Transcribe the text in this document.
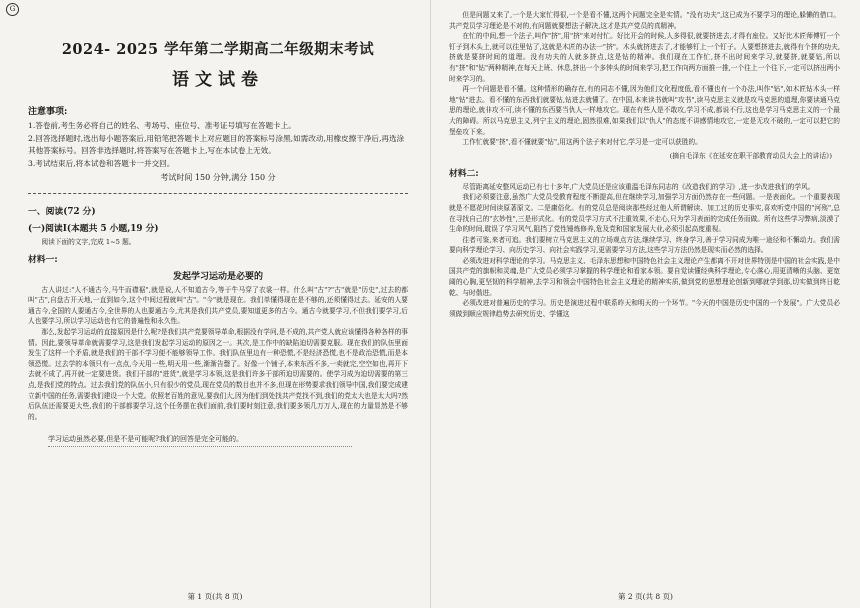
G
2024- 2025 学年第二学期高二年级期末考试
语文试卷
注意事项:

1.答卷前,考生务必将自己的姓名、考场号、座位号、准考证号填写在答题卡上。

2.回答选择题时,选出每小题答案后,用铅笔把答题卡上对应题目的答案标号涂黑,如需改动,用橡皮擦干净后,再选涂其他答案标号。回答非选择题时,将答案写在答题卡上,写在本试卷上无效。

3.考试结束后,将本试卷和答题卡一并交回。

考试时间 150 分钟,满分 150 分
一、阅读(72 分)
(一)阅读Ⅰ(本题共 5 小题,19 分)

阅读下面的文字,完成 1~5 题。

材料一:
发起学习运动是必要的

古人讲过:"人不通古今,马牛而襟裾",就是说,人不知道古今,等于牛马穿了衣裳一样。什么叫"古"?"古"就是"历史",过去的都叫"古",自盘古开天地,一直到如今,这个中间过程就叫"古"。"今"就是现在。我们单懂得现在是不够的,还须懂得过去。延安的人要通古今,全国的人要通古今,全世界的人也要通古今,尤其是我们共产党员,要知道更多的古今。通古今就要学习,不但我们要学习,后人也要学习,所以学习运动也有它的普遍性和永久性。

那么,发起学习运动的直接原因是什么呢?是我们共产党要领导革命,根据没有学问,是不成的,共产党人就应该懂得各种各样的事情。因此,要领导革命就需要学习,这是我们发起学习运动的原因之一。其次,是工作中的缺陷迫切需要克服。现在我们的队伍里面发生了这样一个矛盾,就是我们的干部不学习便不能够领导工作。我们队伍里边有一种恐慌,不是经济恐慌,也不是政治恐慌,而是本领恐慌。过去学的本领只有一点点,今天用一些,明天用一些,渐渐告罄了。好像一个铺子,本来东西不多,一卖就完,空空如也,再开下去就不成了,再开就一定要进货。我们干部的"进货",就是学习本领,这是我们许多干部所迫切需要的。使学习成为迫切需要的第三点,是我们党的特点。过去我们党的队伍小,只有很少的党员,现在党员的数目也并不多,但现在形势要求我们领导中国,我们要完成建立新中国的任务,需要我们建设一个大党。依照老百姓的意见,要我们大,因为他们到处找共产党找不到,我们的党太大也是太大吗?然后队伍还需要更大些,我们的干部都要学习,这个任务摆在我们面前,我们要时刻注意,我们要多领几万万人,现在的力量显然是不够的。

学习运动虽然必要,但是不是可能呢?我们的回答是完全可能的。
第 1 页(共 8 页)

但是问题又来了,一个是大家忙得很,一个是看不懂,这两个问题完全是实情。"没有功夫",这已成为不要学习的理论,躲懒的借口。共产党员学习理论是不对的,有问题就要想法子解决,这才是共产党员的真精神。

在忙的中间,想一个法子,叫作"挤",用"挤"来对付忙。好比开会的时候,人多得很,就要挤进去,才得有座位。又好比木匠师傅钉一个钉子到木头上,就可以往里钻了,这就是木匠的办法一"挤"。木头就挤进去了,才能够钉上一个钉子。人要想挤进去,就得有个挤的功夫,挤就是要挤时间的道理。没有功夫的人就多挤点,这是钻的精神。我们现在工作忙,挤不出时间来学习,就要挤,就要钻,所以有"挤"和"钻"两种精神,在每天上班、休息,挤出一个多钟头的时间来学习,把工作向两方面推一推,一个往上一个往下,一定可以挤出两小时来学习的。

再一个问题是看不懂。这种情形的确存在,有的同志不懂,因为他们文化程度低,看不懂也有一个办法,叫作"钻",如木匠钻木头一样地"钻"进去。看不懂的东西我们就要钻,钻进去就懂了。在中国,本来读书就叫"攻书",读马克思主义就是攻马克思的道理,你要读通马克思的理论,就非攻不可,读不懂的东西要当仇人一样地攻它。现在有些人是不敢攻,学习不成,都说不行,这也是学习马克思主义的一个最大的障碍。所以马克思主义,列宁主义的理论,固然很难,如果我们以"仇人"的态度不讲感情地攻它,一定是无攻不破的,一定可以把它的堡垒攻下来。

工作忙就要"挤",看不懂就要"钻",用这两个法子来对付它,学习是一定可以获胜的。

(摘自毛泽东《在延安在职干部教育动员大会上的讲话》)
材料二:

尽管距离延安整风运动已有七十多年,广大党员还是应该重温毛泽东同志的《改造我们的学习》,进一步改进我们的学风。

我们必须要注意,虽然广大党员受教育程度不断提高,但在继续学习,加强学习方面仍然存在一些问题。一是表面化。一个重要表现就是不愿花时间读原著原文。二是庸俗化。有的党员总是阅读那些经过他人所谓解读、加工过的历史事实,喜欢听党中国的"河殇",总在寻找自己的"玄妙性",三是形式化。有的党员学习方式不注重效果,不走心,只为学习表面的完成任务而做。所有这些学习弊病,淡漠了生命的时间,耽误了学习风气,阻挡了党性锤炼修养,危及党和国家发展大业,必须引起高度重视。

往者可鉴,来者可追。我们要树立马克思主义的立场观点方法,继续学习、终身学习,善于学习同成为唯一途径和不懈动力。我们需要向科学理论学习、向历史学习、向社会实践学习,更需要学习方法,这些学习方法仍然是现实而必然的选择。

必须改进对科学理论的学习。马克思主义、毛泽东思想和中国特色社会主义理论产生都离不开对世界特别是中国的社会实践,是中国共产党的旗帜和灵魂,是广大党员必须学习掌握的科学理论和看家本领。要自觉读懂经典科学理论,专心落心,用更清晰的头脑、更宽阔的心胸,更坚韧的科学精神,去学习和领会中国特色社会主义理论的精神实质,做到党的思想理论创新到哪就学到那,切实做到终日乾乾、与时偕进。

必须改进对普遍历史的学习。历史是演进过程中联系昨天和明天的一个环节。"今天的中国是历史中国的一个发展"。广大党员必须做到顺应规律趋势去研究历史、学懂这

第 2 页(共 8 页)
